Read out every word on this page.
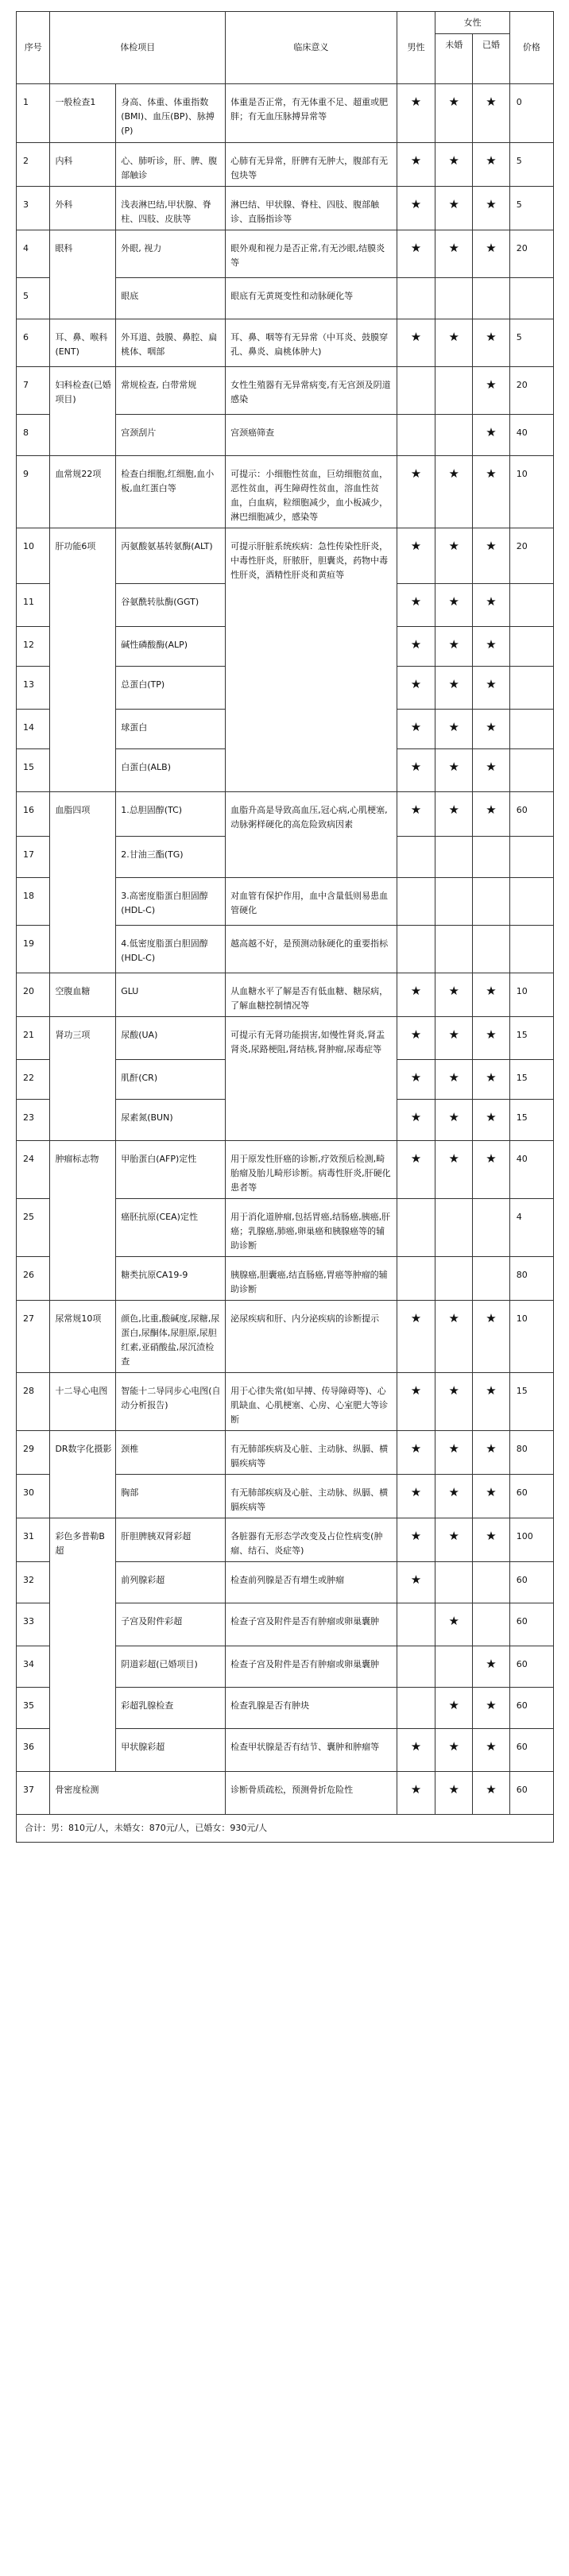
序号	体检项目		临床意义	男性	女性		价格
					未婚	已婚	
1	一般检查1	身高、体重、体重指数(BMI)、血压(BP)、脉搏(P)	体重是否正常，有无体重不足、超重或肥胖；有无血压脉搏异常等	★	★	★	0
2	内科	心、肺听诊，肝、脾、腹部触诊	心肺有无异常，肝脾有无肿大，腹部有无包块等	★	★	★	5
3	外科	浅表淋巴结,甲状腺、脊柱、四肢、皮肤等	淋巴结、甲状腺、脊柱、四肢、腹部触诊、直肠指诊等	★	★	★	5
4	眼科	外眼, 视力	眼外观和视力是否正常,有无沙眼,结膜炎等	★	★	★	20
5		眼底	眼底有无黄斑变性和动脉硬化等				
6	耳、鼻、喉科(ENT)	外耳道、鼓膜、鼻腔、扁桃体、咽部	耳、鼻、咽等有无异常（中耳炎、鼓膜穿孔、鼻炎、扁桃体肿大)	★	★	★	5
7	妇科检查(已婚项目)	常规检查, 白带常规	女性生殖器有无异常病变,有无宫颈及阴道感染			★	20
8		宫颈刮片	宫颈癌筛查			★	40
9	血常规22项	检查白细胞,红细胞,血小板,血红蛋白等	可提示：小细胞性贫血，巨幼细胞贫血，恶性贫血，再生障碍性贫血，溶血性贫血，白血病，粒细胞减少，血小板减少，淋巴细胞减少，感染等	★	★	★	10
10	肝功能6项	丙氨酸氨基转氨酶(ALT)	可提示肝脏系统疾病：急性传染性肝炎，中毒性肝炎，肝脓肝，胆囊炎，药物中毒性肝炎，酒精性肝炎和黄疸等	★	★	★	20
11		谷氨酰转肽酶(GGT)		★	★	★	
12		碱性磷酸酶(ALP)		★	★	★	
13		总蛋白(TP)		★	★	★	
14		球蛋白		★	★	★	
15		白蛋白(ALB)		★	★	★	
16	血脂四项	1.总胆固醇(TC)	血脂升高是导致高血压,冠心病,心肌梗塞,动脉粥样硬化的高危险致病因素	★	★	★	60
17		2.甘油三酯(TG)					
18		3.高密度脂蛋白胆固醇(HDL-C)	对血管有保护作用，血中含量低则易患血管硬化				
19		4.低密度脂蛋白胆固醇(HDL-C)	越高越不好，是预测动脉硬化的重要指标				
20	空腹血糖	GLU	从血糖水平了解是否有低血糖、糖尿病，了解血糖控制情况等	★	★	★	10
21	肾功三项	尿酸(UA)	可提示有无肾功能损害,如慢性肾炎,肾盂肾炎,尿路梗阻,肾结核,肾肿瘤,尿毒症等	★	★	★	15
22		肌酐(CR)		★	★	★	15
23		尿素氮(BUN)		★	★	★	15
24	肿瘤标志物	甲胎蛋白(AFP)定性	用于原发性肝癌的诊断,疗效预后检测,畸胎瘤及胎儿畸形诊断。病毒性肝炎,肝硬化患者等	★	★	★	40
25		癌胚抗原(CEA)定性	用于消化道肿瘤,包括胃癌,结肠癌,胰癌,肝癌；乳腺癌,肺癌,卵巢癌和胰腺癌等的辅助诊断				4
26		糖类抗原CA19-9	胰腺癌,胆囊癌,结直肠癌,胃癌等肿瘤的辅助诊断				80
27	尿常规10项	颜色,比重,酸碱度,尿糖,尿蛋白,尿酮体,尿胆原,尿胆红素,亚硝酸盐,尿沉渣检查	泌尿疾病和肝、内分泌疾病的诊断提示	★	★	★	10
28	十二导心电图	智能十二导同步心电图(自动分析报告)	用于心律失常(如早搏、传导障碍等)、心肌缺血、心肌梗塞、心房、心室肥大等诊断	★	★	★	15
29	DR数字化摄影	颈椎	有无肺部疾病及心脏、主动脉、纵膈、横膈疾病等	★	★	★	80
30		胸部	有无肺部疾病及心脏、主动脉、纵膈、横膈疾病等	★	★	★	60
31	彩色多普勒B超	肝胆脾胰双肾彩超	各脏器有无形态学改变及占位性病变(肿瘤、结石、炎症等)	★	★	★	100
32		前列腺彩超	检查前列腺是否有增生或肿瘤	★			60
33		子宫及附件彩超	检查子宫及附件是否有肿瘤或卵巢囊肿		★		60
34		阴道彩超(已婚项目)	检查子宫及附件是否有肿瘤或卵巢囊肿			★	60
35		彩超乳腺检查	检查乳腺是否有肿块		★	★	60
36		甲状腺彩超	检查甲状腺是否有结节、囊肿和肿瘤等	★	★	★	60
37	骨密度检测		诊断骨质疏松，预测骨折危险性	★	★	★	60
合计：男：810元/人，未婚女：870元/人，已婚女：930元/人							
